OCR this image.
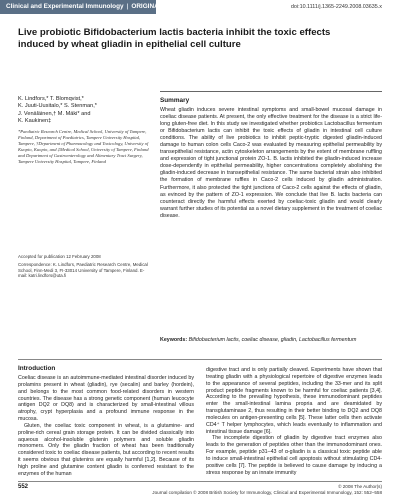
Clinical and Experimental Immunology | ORIGINAL ARTICLE	doi:10.1111/j.1365-2249.2008.03635.x
Live probiotic Bifidobacterium lactis bacteria inhibit the toxic effects induced by wheat gliadin in epithelial cell culture
K. Lindfors,* T. Blomqvist,*
K. Juuti-Uusitalo,* S. Stenman,*
J. Venäläinen,† M. Mäki* and
K. Kaukinen‡
*Paediatric Research Centre, Medical School, University of Tampere, Finland, Department of Paediatrics, Tampere University Hospital, Tampere, †Department of Pharmacology and Toxicology, University of Kuopio, Kuopio, and ‡Medical School, University of Tampere, Finland and Department of Gastroenterology and Alimentary Tract Surgery, Tampere University Hospital, Tampere, Finland
Accepted for publication 12 February 2008
Correspondence: K. Lindfors, Paediatric Research Centre, Medical School, Finn-Medi 3, FI-33014 University of Tampere, Finland. E-mail: katri.lindfors@uta.fi
Summary
Wheat gliadin induces severe intestinal symptoms and small-bowel mucosal damage in coeliac disease patients. At present, the only effective treatment for the disease is a strict life-long gluten-free diet. In this study we investigated whether probiotics Lactobacillus fermentum or Bifidobacterium lactis can inhibit the toxic effects of gliadin in intestinal cell culture conditions. The ability of live probiotics to inhibit peptic-tryptic digested gliadin-induced damage to human colon cells Caco-2 was evaluated by measuring epithelial permeability by transepithelial resistance, actin cytoskeleton arrangements by the extent of membrane ruffling and expression of tight junctional protein ZO-1. B. lactis inhibited the gliadin-induced increase dose-dependently in epithelial permeability, higher concentrations completely abolishing the gliadin-induced decrease in transepithelial resistance. The same bacterial strain also inhibited the formation of membrane ruffles in Caco-2 cells induced by gliadin administration. Furthermore, it also protected the tight junctions of Caco-2 cells against the effects of gliadin, as evinced by the pattern of ZO-1 expression. We conclude that live B. lactis bacteria can counteract directly the harmful effects exerted by coeliac-toxic gliadin and would clearly warrant further studies of its potential as a novel dietary supplement in the treatment of coeliac disease.
Keywords: Bifidobacterium lactis, coeliac disease, gliadin, Lactobacillus fermentum
Introduction

Coeliac disease is an autoimmune-mediated intestinal disorder induced by prolamins present in wheat (gliadin), rye (secalin) and barley (hordein), and belongs to the most common food-related disorders in western countries. The disease has a strong genetic component (human leucocyte antigen DQ2 or DQ8) and is characterized by small-intestinal villous atrophy, crypt hyperplasia and a profound immune response in the mucosa.

Gluten, the coeliac toxic component in wheat, is a glutamine- and proline-rich cereal grain storage protein. It can be divided classically into aqueous alcohol-insoluble glutenin polymers and soluble gliadin monomers. Only the gliadin fraction of wheat has been traditionally considered toxic to coeliac disease patients, but according to recent results it seems obvious that glutenins are equally harmful [1,2]. Because of its high proline and glutamine content gliadin is conferred resistant to the enzymes of the human

digestive tract and is only partially cleaved. Experiments have shown that treating gliadin with a physiological repertoire of digestive enzymes leads to the appearance of several peptides, including the 33-mer and its split product peptide fragments known to be harmful for coeliac patients [3,4]. According to the prevailing hypothesis, these immunodominant peptides enter the small-intestinal lamina propria and are deamidated by transglutaminase 2, thus resulting in their better binding to DQ2 and DQ8 molecules on antigen-presenting cells [5]. These latter cells then activate CD4⁺ T helper lymphocytes, which leads eventually to inflammation and intestinal tissue damage [6].

The incomplete digestion of gliadin by digestive tract enzymes also leads to the generation of peptides other than the immunodominant ones. For example, peptide p31–43 of α-gliadin is a classical toxic peptide able to induce small-intestinal epithelial cell apoptosis without stimulating CD4-positive cells [7]. The peptide is believed to cause damage by inducing a stress response by an innate immunity

552	© 2008 The Author(s)
Journal compilation © 2008 British Society for Immunology, Clinical and Experimental Immunology, 152: 552–558
